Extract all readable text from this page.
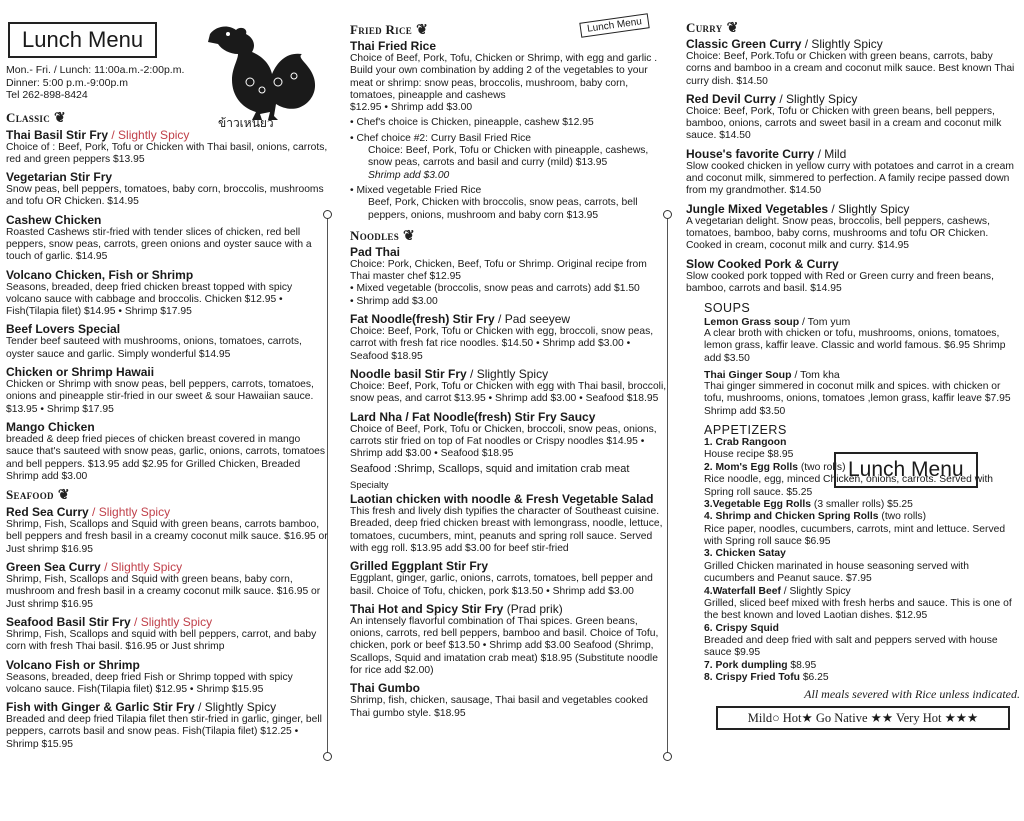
Lunch Menu
Mon.- Fri. / Lunch: 11:00a.m.-2:00p.m.
Dinner: 5:00 p.m.-9:00p.m
Tel 262-898-8424
ข้าวเหนียว
Classic ❦
Thai Basil Stir Fry / Slightly Spicy
Choice of : Beef, Pork, Tofu or Chicken with Thai basil, onions, carrots, red and green peppers $13.95
Vegetarian Stir Fry
Snow peas, bell peppers, tomatoes, baby corn, broccolis, mushrooms and tofu OR Chicken. $14.95
Cashew Chicken
Roasted Cashews stir-fried with tender slices of chicken, red bell peppers, snow peas, carrots, green onions and oyster sauce with a touch of garlic. $14.95
Volcano Chicken, Fish or Shrimp
Seasons, breaded, deep fried chicken breast topped with spicy volcano sauce with cabbage and broccolis. Chicken $12.95 • Fish(Tilapia filet) $14.95 • Shrimp $17.95
Beef Lovers Special
Tender beef sauteed with mushrooms, onions, tomatoes, carrots, oyster sauce and garlic. Simply wonderful $14.95
Chicken or Shrimp Hawaii
Chicken or Shrimp with snow peas, bell peppers, carrots, tomatoes, onions and pineapple stir-fried in our sweet & sour Hawaiian sauce. $13.95 • Shrimp $17.95
Mango Chicken
breaded & deep fried pieces of chicken breast covered in mango sauce that's sauteed with snow peas, garlic, onions, carrots, tomatoes and bell peppers. $13.95 add $2.95 for Grilled Chicken, Breaded Shrimp add $3.00
Seafood ❦
Red Sea Curry / Slightly Spicy
Shrimp, Fish, Scallops and Squid with green beans, carrots bamboo, bell peppers and fresh basil in a creamy coconut milk sauce. $16.95 or Just shrimp $16.95
Green Sea Curry / Slightly Spicy
Shrimp, Fish, Scallops and Squid with green beans, baby corn, mushroom and fresh basil in a creamy coconut milk sauce. $16.95 or Just shrimp $16.95
Seafood Basil Stir Fry / Slightly Spicy
Shrimp, Fish, Scallops and squid with bell peppers, carrot, and baby corn with fresh Thai basil. $16.95 or Just shrimp
Volcano Fish or Shrimp
Seasons, breaded, deep fried Fish or Shrimp topped with spicy volcano sauce. Fish(Tilapia filet) $12.95 • Shrimp $15.95
Fish with Ginger & Garlic Stir Fry / Slightly Spicy
Breaded and deep fried Tilapia filet then stir-fried in garlic, ginger, bell peppers, carrots basil and snow peas. Fish(Tilapia filet) $12.25 • Shrimp $15.95
Lunch Menu
Fried Rice ❦
Thai Fried Rice
Choice of Beef, Pork, Tofu, Chicken or Shrimp, with egg and garlic . Build your own combination by adding 2 of the vegetables to your meat or shrimp: snow peas, broccolis, mushroom, baby corn, tomatoes, pineapple and cashews
$12.95 • Shrimp add $3.00
• Chef's choice is Chicken, pineapple, cashew $12.95
• Chef choice #2: Curry Basil Fried Rice
Choice: Beef, Pork, Tofu or Chicken with pineapple, cashews, snow peas, carrots and basil and curry (mild) $13.95
Shrimp add $3.00
• Mixed vegetable Fried Rice
Beef, Pork, Chicken with broccolis, snow peas, carrots, bell peppers, onions, mushroom and baby corn $13.95
Noodles ❦
Pad Thai
Choice: Pork, Chicken, Beef, Tofu or Shrimp. Original recipe from Thai master chef $12.95
• Mixed vegetable (broccolis, snow peas and carrots) add $1.50
• Shrimp add $3.00
Fat Noodle(fresh) Stir Fry / Pad seeyew
Choice: Beef, Pork, Tofu or Chicken with egg, broccoli, snow peas, carrot with fresh fat rice noodles. $14.50 • Shrimp add $3.00 • Seafood $18.95
Noodle basil Stir Fry / Slightly Spicy
Choice: Beef, Pork, Tofu or Chicken with egg with Thai basil, broccoli, snow peas, and carrot $13.95 • Shrimp add $3.00 • Seafood $18.95
Lard Nha / Fat Noodle(fresh) Stir Fry Saucy
Choice of Beef, Pork, Tofu or Chicken, broccoli, snow peas, onions, carrots stir fried on top of Fat noodles or Crispy noodles $14.95 • Shrimp add $3.00 • Seafood $18.95
Seafood :Shrimp, Scallops, squid and imitation crab meat
Specialty
Laotian chicken with noodle & Fresh Vegetable Salad
This fresh and lively dish typifies the character of Southeast cuisine. Breaded, deep fried chicken breast with lemongrass, noodle, lettuce, tomatoes, cucumbers, mint, peanuts and spring roll sauce. Served with egg roll. $13.95 add $3.00 for beef stir-fried
Grilled Eggplant Stir Fry
Eggplant, ginger, garlic, onions, carrots, tomatoes, bell pepper and basil. Choice of Tofu, chicken, pork $13.50 • Shrimp add $3.00
Thai Hot and Spicy Stir Fry (Prad prik)
An intensely flavorful combination of Thai spices. Green beans, onions, carrots, red bell peppers, bamboo and basil. Choice of Tofu, chicken, pork or beef $13.50 • Shrimp add $3.00 Seafood (Shrimp, Scallops, Squid and imatation crab meat) $18.95 (Substitute noodle for rice add $2.00)
Thai Gumbo
Shrimp, fish, chicken, sausage, Thai basil and vegetables cooked Thai gumbo style. $18.95
Curry ❦
Classic Green Curry / Slightly Spicy
Choice: Beef, Pork.Tofu or Chicken with green beans, carrots, baby corns and bamboo in a cream and coconut milk sauce. Best known Thai curry dish. $14.50
Red Devil Curry / Slightly Spicy
Choice: Beef, Pork, Tofu or Chicken with green beans, bell peppers, bamboo, onions, carrots and sweet basil in a cream and coconut milk sauce. $14.50
House's favorite Curry / Mild
Slow cooked chicken in yellow curry with potatoes and carrot in a cream and coconut milk, simmered to perfection. A family recipe passed down from my grandmother. $14.50
Jungle Mixed Vegetables / Slightly Spicy
A vegetarian delight. Snow peas, broccolis, bell peppers, cashews, tomatoes, bamboo, baby corns, mushrooms and tofu OR Chicken. Cooked in cream, coconut milk and curry. $14.95
Slow Cooked Pork & Curry
Slow cooked pork topped with Red or Green curry and freen beans, bamboo, carrots and basil. $14.95
SOUPS
Lemon Grass soup / Tom yum
A clear broth with chicken or tofu, mushrooms, onions, tomatoes, lemon grass, kaffir leave. Classic and world famous. $6.95 Shrimp add $3.50
Thai Ginger Soup / Tom kha
Thai ginger simmered in coconut milk and spices. with chicken or tofu, mushrooms, onions, tomatoes ,lemon grass, kaffir leave $7.95 Shrimp add $3.50
Lunch Menu
APPETIZERS
1. Crab Rangoon
House recipe $8.95
2. Mom's Egg Rolls (two rolls)
Rice noodle, egg, minced Chicken, onions, carrots. Served with Spring roll sauce. $5.25
3.Vegetable Egg Rolls (3 smaller rolls) $5.25
4. Shrimp and Chicken Spring Rolls (two rolls)
Rice paper, noodles, cucumbers, carrots, mint and lettuce. Served with Spring roll sauce $6.95
3. Chicken Satay
Grilled Chicken marinated in house seasoning served with cucumbers and Peanut sauce. $7.95
4.Waterfall Beef / Slightly Spicy
Grilled, sliced beef mixed with fresh herbs and sauce. This is one of the best known and loved Laotian dishes. $12.95
6. Crispy Squid
Breaded and deep fried with salt and peppers served with house sauce $9.95
7. Pork dumpling $8.95
8. Crispy Fried Tofu $6.25
All meals severed with Rice unless indicated.
Mild○ Hot★ Go Native ★★ Very Hot ★★★
